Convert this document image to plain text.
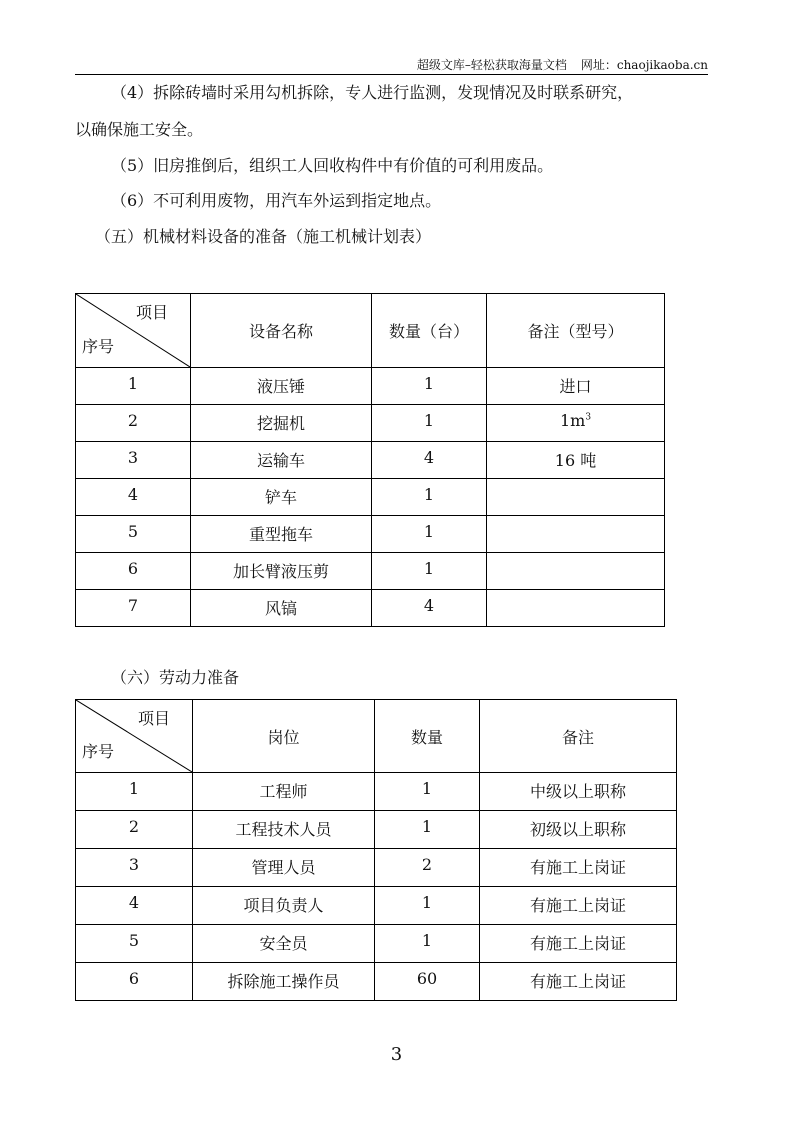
超级文库–轻松获取海量文档 网址：chaojikaoba.cn
（4）拆除砖墙时采用勾机拆除，专人进行监测，发现情况及时联系研究，
以确保施工安全。
（5）旧房推倒后，组织工人回收构件中有价值的可利用废品。
（6）不可利用废物，用汽车外运到指定地点。
（五）机械材料设备的准备（施工机械计划表）
项目
序号	设备名称	数量（台）	备注（型号）
1	液压锤	1	进口
2	挖掘机	1	$1m^3$
3	运输车	4	16 吨
4	铲车	1	
5	重型拖车	1	
6	加长臂液压剪	1	
7	风镐	4	
（六）劳动力准备
项目
序号	岗位	数量	备注
1	工程师	1	中级以上职称
2	工程技术人员	1	初级以上职称
3	管理人员	2	有施工上岗证
4	项目负责人	1	有施工上岗证
5	安全员	1	有施工上岗证
6	拆除施工操作员	60	有施工上岗证
3
